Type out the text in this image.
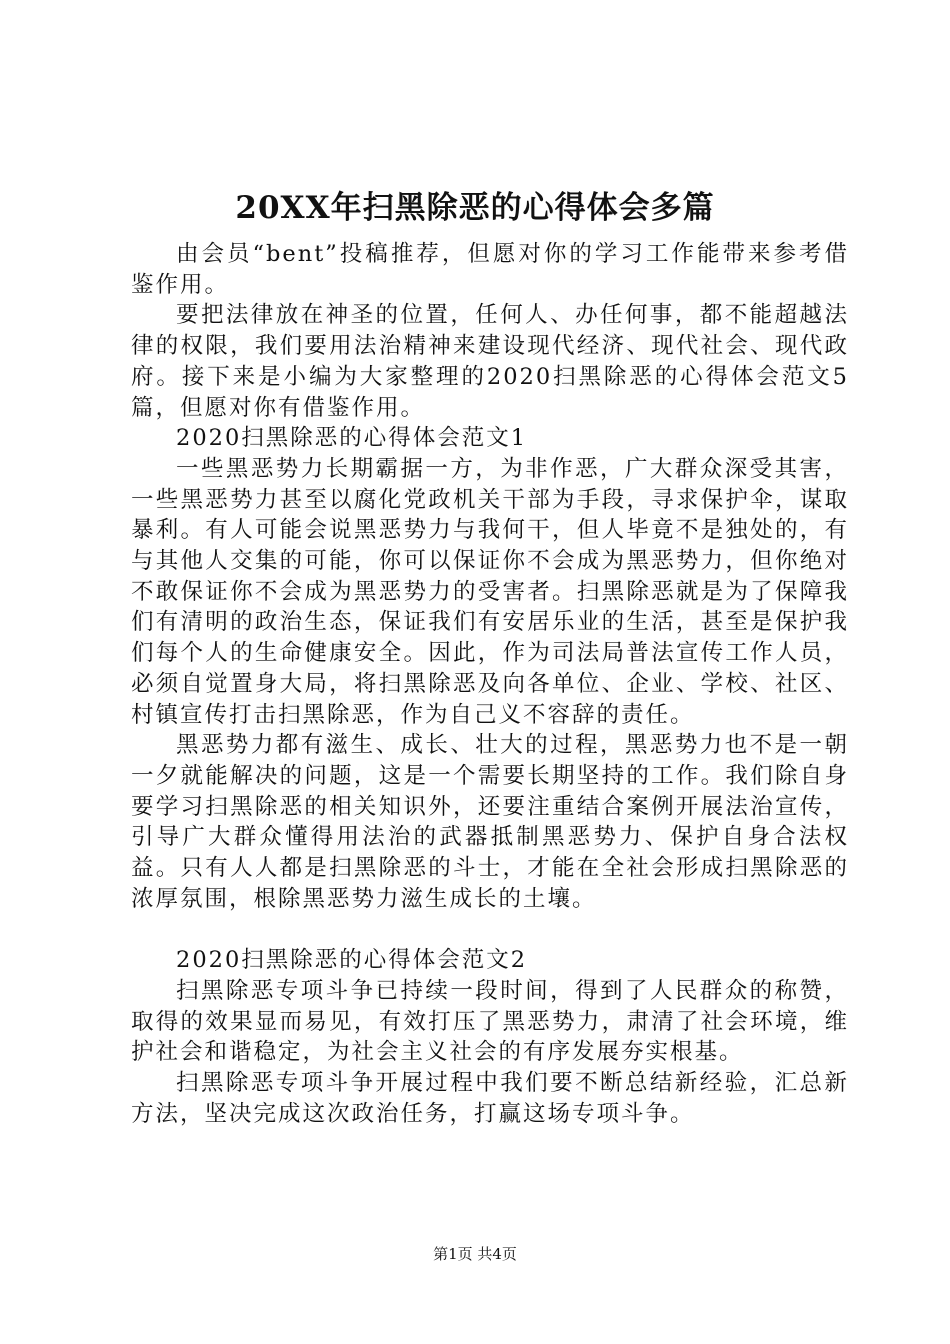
20XX年扫黑除恶的心得体会多篇

由会员“bent”投稿推荐，但愿对你的学习工作能带来参考借鉴作用。

要把法律放在神圣的位置，任何人、办任何事，都不能超越法律的权限，我们要用法治精神来建设现代经济、现代社会、现代政府。接下来是小编为大家整理的2020扫黑除恶的心得体会范文5篇，但愿对你有借鉴作用。

2020扫黑除恶的心得体会范文1

一些黑恶势力长期霸据一方，为非作恶，广大群众深受其害，一些黑恶势力甚至以腐化党政机关干部为手段，寻求保护伞，谋取暴利。有人可能会说黑恶势力与我何干，但人毕竟不是独处的，有与其他人交集的可能，你可以保证你不会成为黑恶势力，但你绝对不敢保证你不会成为黑恶势力的受害者。扫黑除恶就是为了保障我们有清明的政治生态，保证我们有安居乐业的生活，甚至是保护我们每个人的生命健康安全。因此，作为司法局普法宣传工作人员，必须自觉置身大局，将扫黑除恶及向各单位、企业、学校、社区、村镇宣传打击扫黑除恶，作为自己义不容辞的责任。

黑恶势力都有滋生、成长、壮大的过程，黑恶势力也不是一朝一夕就能解决的问题，这是一个需要长期坚持的工作。我们除自身要学习扫黑除恶的相关知识外，还要注重结合案例开展法治宣传，引导广大群众懂得用法治的武器抵制黑恶势力、保护自身合法权益。只有人人都是扫黑除恶的斗士，才能在全社会形成扫黑除恶的浓厚氛围，根除黑恶势力滋生成长的土壤。

2020扫黑除恶的心得体会范文2

扫黑除恶专项斗争已持续一段时间，得到了人民群众的称赞，取得的效果显而易见，有效打压了黑恶势力，肃清了社会环境，维护社会和谐稳定，为社会主义社会的有序发展夯实根基。

扫黑除恶专项斗争开展过程中我们要不断总结新经验，汇总新方法，坚决完成这次政治任务，打赢这场专项斗争。

第1页 共4页
